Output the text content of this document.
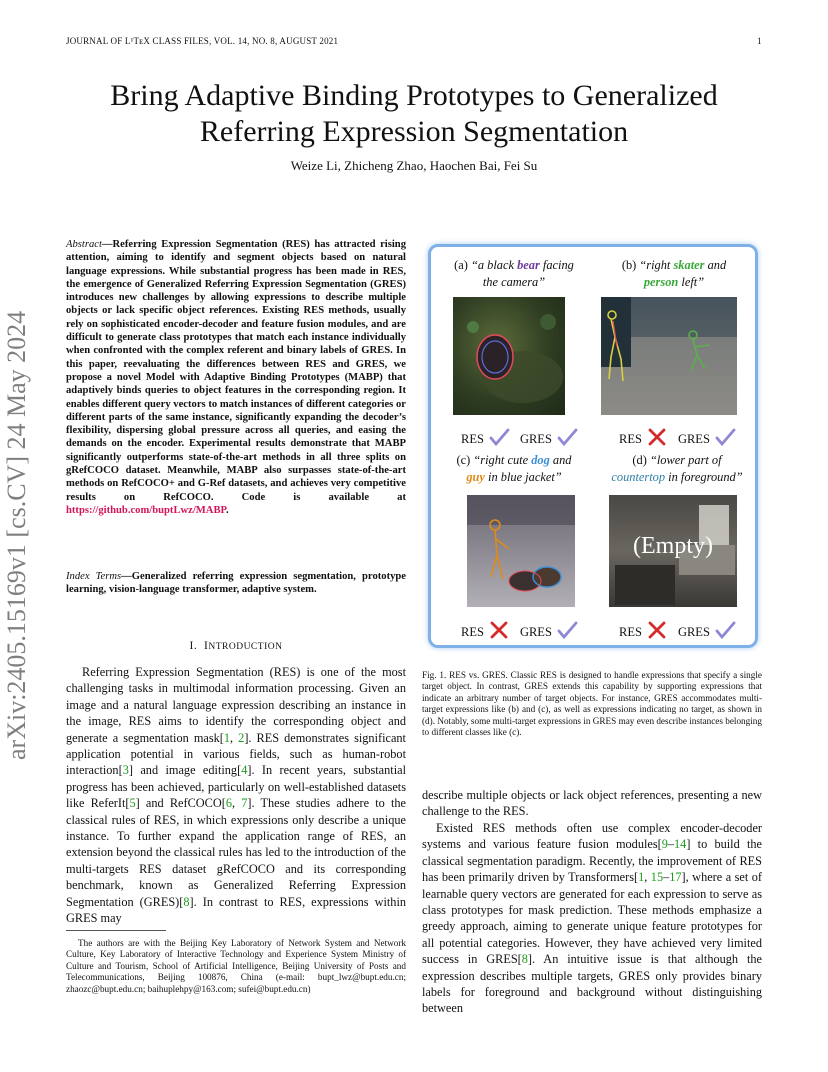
JOURNAL OF L¹TᴇX CLASS FILES, VOL. 14, NO. 8, AUGUST 2021	1
arXiv:2405.15169v1 [cs.CV] 24 May 2024
Bring Adaptive Binding Prototypes to Generalized
Referring Expression Segmentation
Weize Li, Zhicheng Zhao, Haochen Bai, Fei Su
Abstract—Referring Expression Segmentation (RES) has attracted rising attention, aiming to identify and segment objects based on natural language expressions. While substantial progress has been made in RES, the emergence of Generalized Referring Expression Segmentation (GRES) introduces new challenges by allowing expressions to describe multiple objects or lack specific object references. Existing RES methods, usually rely on sophisticated encoder-decoder and feature fusion modules, and are difficult to generate class prototypes that match each instance individually when confronted with the complex referent and binary labels of GRES. In this paper, reevaluating the differences between RES and GRES, we propose a novel Model with Adaptive Binding Prototypes (MABP) that adaptively binds queries to object features in the corresponding region. It enables different query vectors to match instances of different categories or different parts of the same instance, significantly expanding the decoder’s flexibility, dispersing global pressure across all queries, and easing the demands on the encoder. Experimental results demonstrate that MABP significantly outperforms state-of-the-art methods in all three splits on gRefCOCO dataset. Meanwhile, MABP also surpasses state-of-the-art methods on RefCOCO+ and G-Ref datasets, and achieves very competitive results on RefCOCO. Code is available at https://github.com/buptLwz/MABP.
Index Terms—Generalized referring expression segmentation, prototype learning, vision-language transformer, adaptive system.
I. INTRODUCTION
Referring Expression Segmentation (RES) is one of the most challenging tasks in multimodal information processing. Given an image and a natural language expression describing an instance in the image, RES aims to identify the corresponding object and generate a segmentation mask[1, 2]. RES demonstrates significant application potential in various fields, such as human-robot interaction[3] and image editing[4]. In recent years, substantial progress has been achieved, particularly on well-established datasets like ReferIt[5] and RefCOCO[6, 7]. These studies adhere to the classical rules of RES, in which expressions only describe a unique instance. To further expand the application range of RES, an extension beyond the classical rules has led to the introduction of the multi-targets RES dataset gRefCOCO and its corresponding benchmark, known as Generalized Referring Expression Segmentation (GRES)[8]. In contrast to RES, expressions within GRES may
The authors are with the Beijing Key Laboratory of Network System and Network Culture, Key Laboratory of Interactive Technology and Experience System Ministry of Culture and Tourism, School of Artificial Intelligence, Beijing University of Posts and Telecommunications, Beijing 100876, China (e-mail: bupt_lwz@bupt.edu.cn; zhaozc@bupt.edu.cn; baihuplehpy@163.com; sufei@bupt.edu.cn)
(a) “a black bear facing
the camera”
(b) “right skater and
person left”
RES	GRES	RES	GRES
(c) “right cute dog and
guy in blue jacket”
(d) “lower part of
countertop in foreground”
(Empty)
RES	GRES	RES	GRES
Fig. 1. RES vs. GRES. Classic RES is designed to handle expressions that specify a single target object. In contrast, GRES extends this capability by supporting expressions that indicate an arbitrary number of target objects. For instance, GRES accommodates multi-target expressions like (b) and (c), as well as expressions indicating no target, as shown in (d). Notably, some multi-target expressions in GRES may even describe instances belonging to different classes like (c).
describe multiple objects or lack object references, presenting a new challenge to the RES.
Existed RES methods often use complex encoder-decoder systems and various feature fusion modules[9–14] to build the classical segmentation paradigm. Recently, the improvement of RES has been primarily driven by Transformers[1, 15–17], where a set of learnable query vectors are generated for each expression to serve as class prototypes for mask prediction. These methods emphasize a greedy approach, aiming to generate unique feature prototypes for all potential categories. However, they have achieved very limited success in GRES[8]. An intuitive issue is that although the expression describes multiple targets, GRES only provides binary labels for foreground and background without distinguishing between
